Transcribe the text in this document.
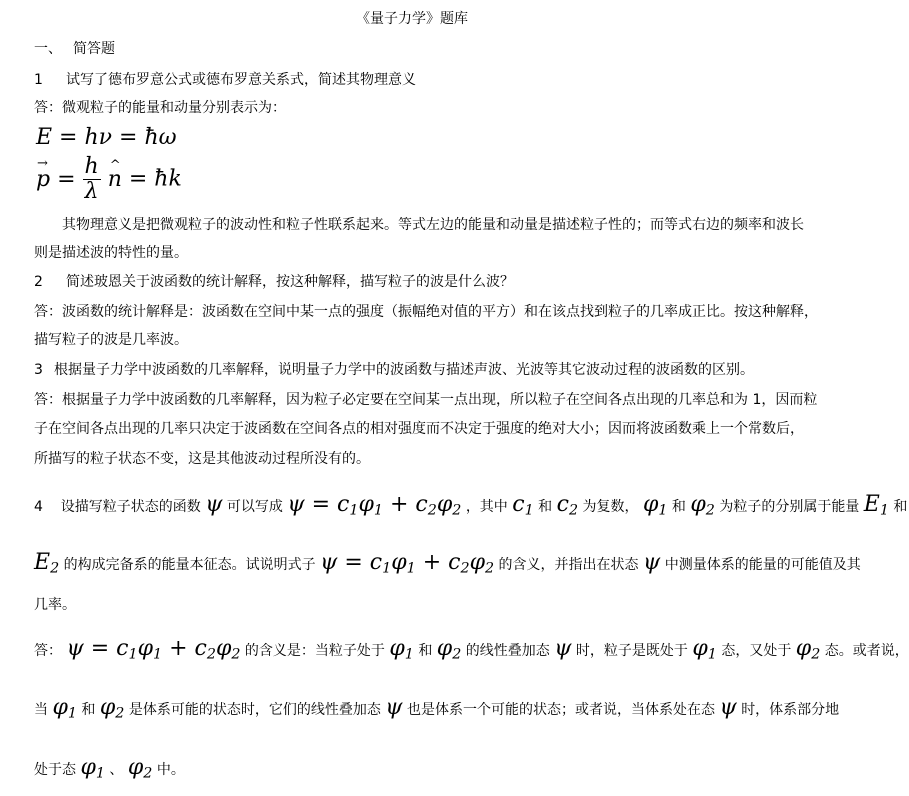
《量子力学》题库
一、 简答题
1 试写了德布罗意公式或德布罗意关系式，简述其物理意义
答：微观粒子的能量和动量分别表示为：
E = hν = ħω
→ $p = \frac{h}{\lambda}$
^ n = ħk
其物理意义是把微观粒子的波动性和粒子性联系起来。等式左边的能量和动量是描述粒子性的；而等式右边的频率和波长
则是描述波的特性的量。
2 简述玻恩关于波函数的统计解释，按这种解释，描写粒子的波是什么波？
答：波函数的统计解释是：波函数在空间中某一点的强度（振幅绝对值的平方）和在该点找到粒子的几率成正比。按这种解释，
描写粒子的波是几率波。
3 根据量子力学中波函数的几率解释，说明量子力学中的波函数与描述声波、光波等其它波动过程的波函数的区别。
答：根据量子力学中波函数的几率解释，因为粒子必定要在空间某一点出现，所以粒子在空间各点出现的几率总和为 1，因而粒
子在空间各点出现的几率只决定于波函数在空间各点的相对强度而不决定于强度的绝对大小；因而将波函数乘上一个常数后，
所描写的粒子状态不变，这是其他波动过程所没有的。
4 设描写粒子状态的函数 ψ 可以写成 $\psi = c_1\varphi_1 + c_2\varphi_2$ ，其中 $c_1$ 和 $c_2$ 为复数， $\varphi_1$ 和 $\varphi_2$ 为粒子的分别属于能量 $E_1$ 和
$E_2$ 的构成完备系的能量本征态。试说明式子 $\psi = c_1\varphi_1 + c_2\varphi_2$ 的含义，并指出在状态 ψ 中测量体系的能量的可能值及其
几率。
答： $\psi = c_1\varphi_1 + c_2\varphi_2$ 的含义是：当粒子处于 $\varphi_1$ 和 $\varphi_2$ 的线性叠加态 ψ 时，粒子是既处于 $\varphi_1$ 态，又处于 $\varphi_2$ 态。或者说，
当 $\varphi_1$ 和 $\varphi_2$ 是体系可能的状态时，它们的线性叠加态 ψ 也是体系一个可能的状态；或者说，当体系处在态 ψ 时，体系部分地
处于态 $\varphi_1$ 、 $\varphi_2$ 中。
